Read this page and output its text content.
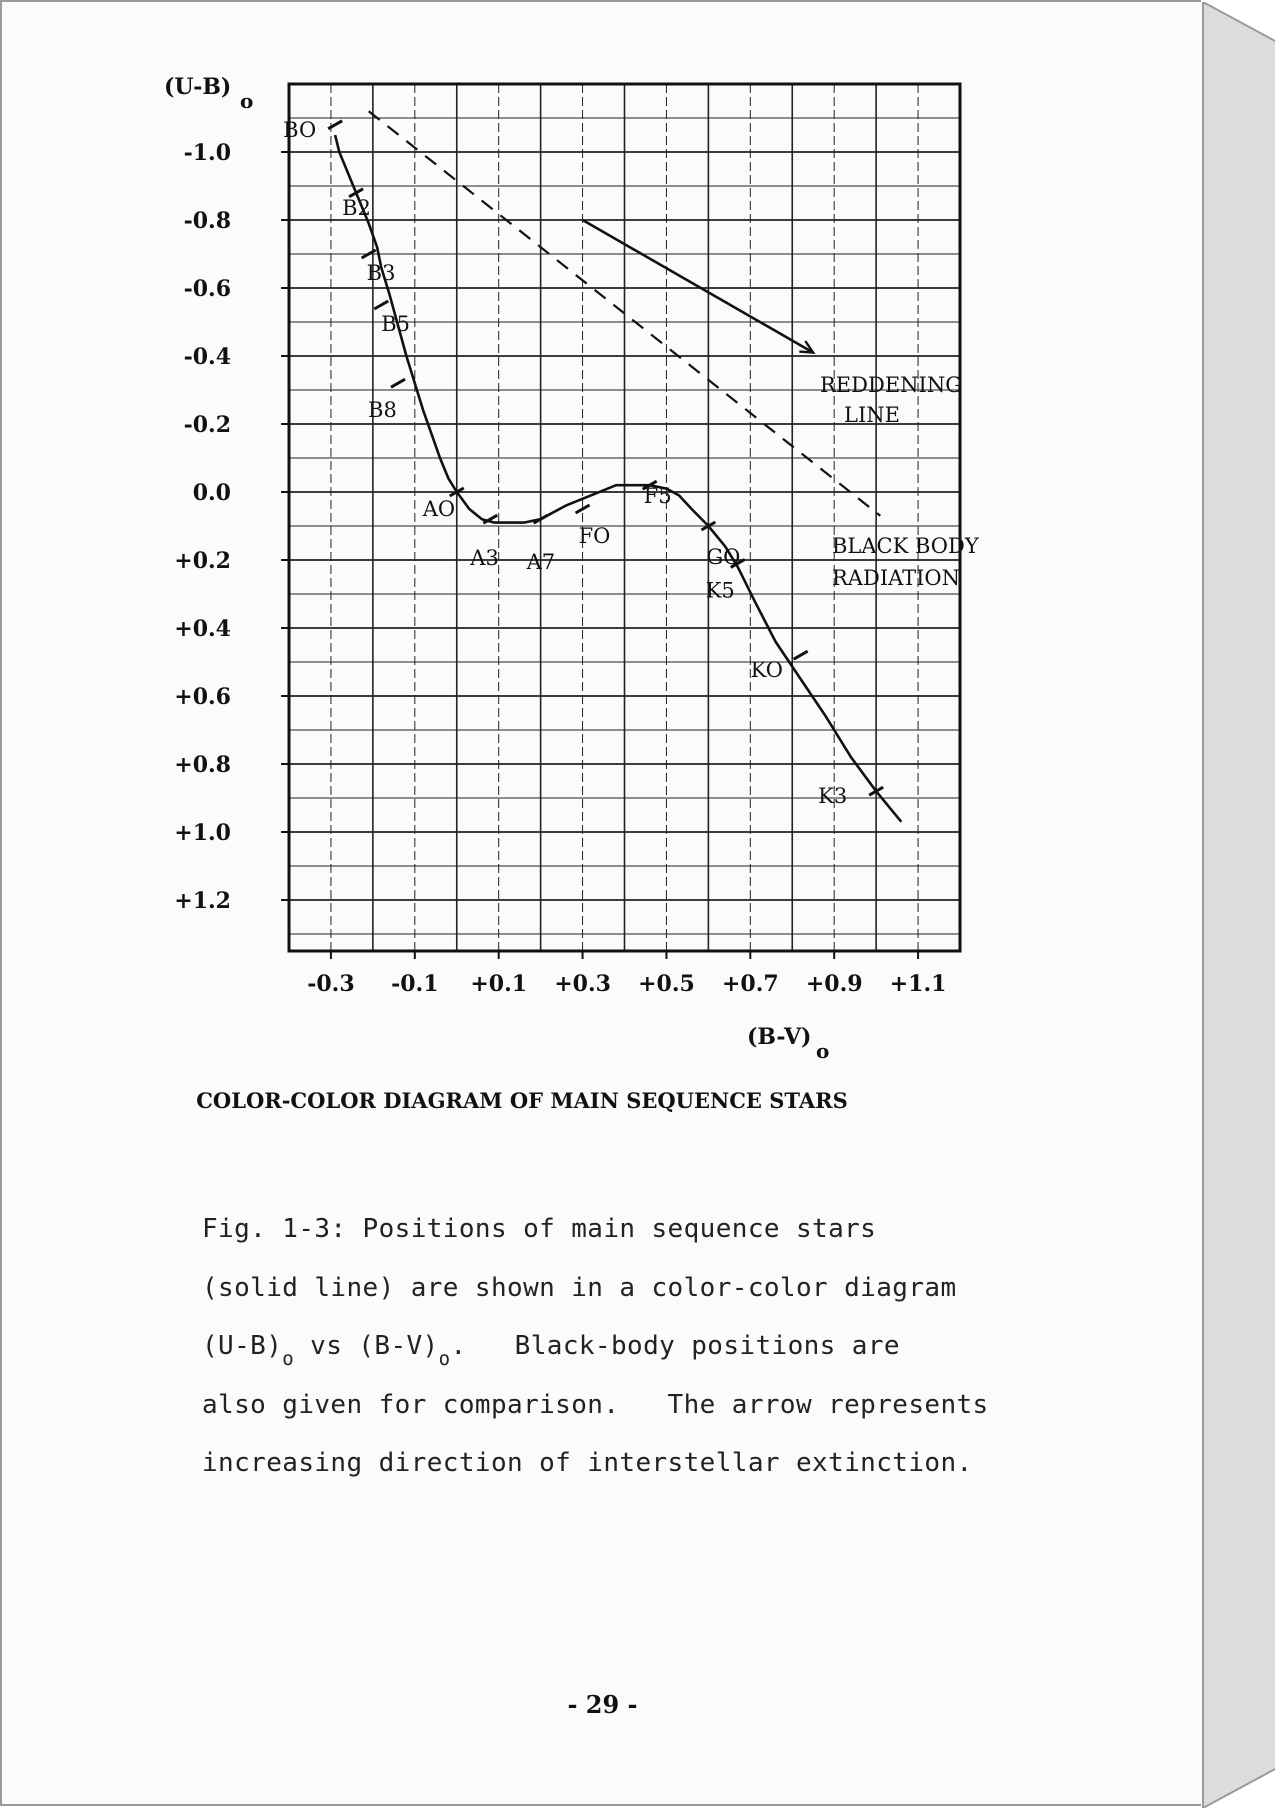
-1.0
-0.8
-0.6
-0.4
-0.2
0.0
+0.2
+0.4
+0.6
+0.8
+1.0
+1.2
-0.3 -0.1 +0.1 +0.3 +0.5 +0.7 +0.9 +1.1
(U-B)
o
(B-V)
o
BO
B2
B3
B5
B8
AO
A3 A7
FO
F5
GO
K5
KO
K3
REDDENING
LINE
BLACK BODY
RADIATION
COLOR-COLOR DIAGRAM OF MAIN SEQUENCE STARS
Fig. 1-3: Positions of main sequence stars
(solid line) are shown in a color-color diagram
$(U-B)_o$ vs $(B-V)_o$.   Black-body positions are
also given for comparison.   The arrow represents
increasing direction of interstellar extinction.
- 29 -
